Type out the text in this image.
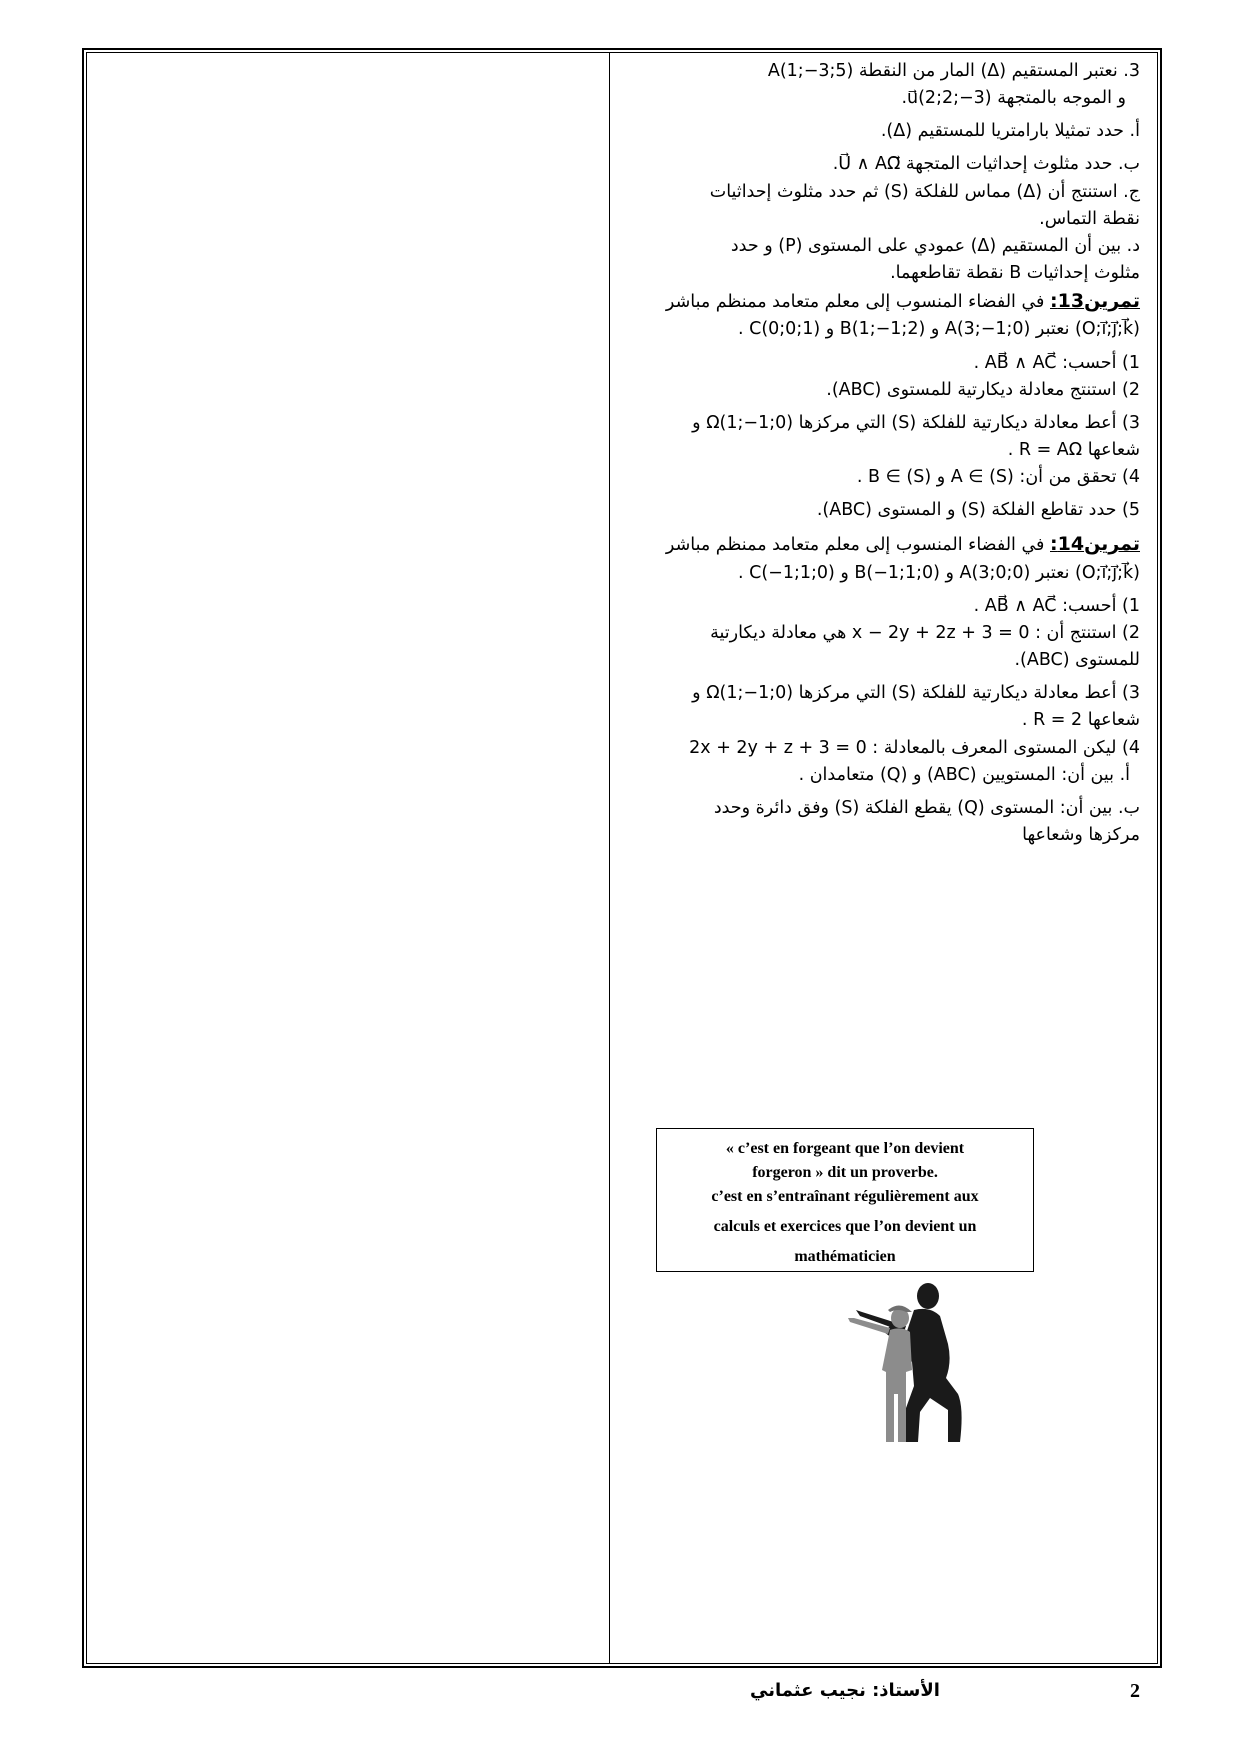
3. نعتبر المستقيم (Δ) المار من النقطة A(1;−3;5)

و الموجه بالمتجهة u⃗(2;2;−3).

أ. حدد تمثيلا بارامتريا للمستقيم (Δ).

ب. حدد مثلوث إحداثيات المتجهة U⃗ ∧ AΩ⃗.

ج. استنتج أن (Δ) مماس للفلكة (S) ثم حدد مثلوث إحداثيات

نقطة التماس.

د. بين أن المستقيم (Δ) عمودي على المستوى (P) و حدد

مثلوث إحداثيات B نقطة تقاطعهما.

تمرين13: في الفضاء المنسوب إلى معلم متعامد ممنظم مباشر

(O;i⃗;j⃗;k⃗) نعتبر A(3;−1;0) و B(1;−1;2) و C(0;0;1) .

1) أحسب: AB⃗ ∧ AC⃗ .

2) استنتج معادلة ديكارتية للمستوى (ABC).

3) أعط معادلة ديكارتية للفلكة (S) التي مركزها Ω(1;−1;0) و

شعاعها R = AΩ .

4) تحقق من أن: A ∈ (S) و B ∈ (S) .

5) حدد تقاطع الفلكة (S) و المستوى (ABC).

تمرين14: في الفضاء المنسوب إلى معلم متعامد ممنظم مباشر

(O;i⃗;j⃗;k⃗) نعتبر A(3;0;0) و B(−1;1;0) و C(−1;1;0) .

1) أحسب: AB⃗ ∧ AC⃗ .

2) استنتج أن : x − 2y + 2z + 3 = 0 هي معادلة ديكارتية

للمستوى (ABC).

3) أعط معادلة ديكارتية للفلكة (S) التي مركزها Ω(1;−1;0) و

شعاعها R = 2 .

4) ليكن المستوى المعرف بالمعادلة : 2x + 2y + z + 3 = 0

أ. بين أن: المستويين (ABC) و (Q) متعامدان .

ب. بين أن: المستوى (Q) يقطع الفلكة (S) وفق دائرة وحدد

مركزها وشعاعها

« c’est en forgeant que l’on devient
forgeron » dit un proverbe.
c’est en s’entraînant régulièrement aux
calculs et exercices que l’on devient un
mathématicien
الأستاذ: نجيب عثماني	2
